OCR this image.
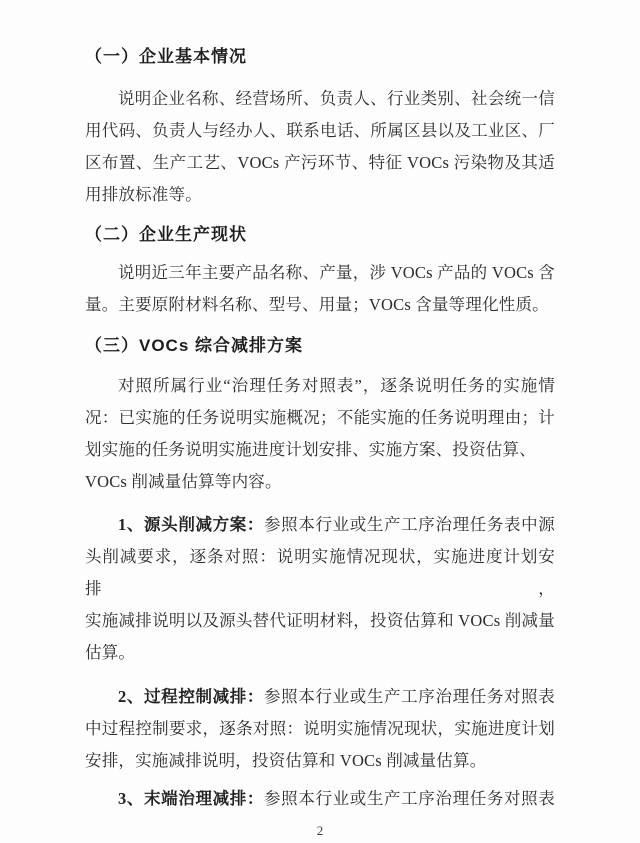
（一）企业基本情况
说明企业名称、经营场所、负责人、行业类别、社会统一信
用代码、负责人与经办人、联系电话、所属区县以及工业区、厂
区布置、生产工艺、VOCs 产污环节、特征 VOCs 污染物及其适
用排放标准等。
（二）企业生产现状
说明近三年主要产品名称、产量，涉 VOCs 产品的 VOCs 含
量。主要原附材料名称、型号、用量；VOCs 含量等理化性质。
（三）VOCs 综合减排方案
对照所属行业“治理任务对照表”，逐条说明任务的实施情
况：已实施的任务说明实施概况；不能实施的任务说明理由；计
划实施的任务说明实施进度计划安排、实施方案、投资估算、
VOCs 削减量估算等内容。
1、源头削减方案：参照本行业或生产工序治理任务表中源
头削减要求，逐条对照：说明实施情况现状，实施进度计划安排，
实施减排说明以及源头替代证明材料，投资估算和 VOCs 削减量
估算。
2、过程控制减排：参照本行业或生产工序治理任务对照表
中过程控制要求，逐条对照：说明实施情况现状，实施进度计划
安排，实施减排说明，投资估算和 VOCs 削减量估算。
3、末端治理减排：参照本行业或生产工序治理任务对照表
2
